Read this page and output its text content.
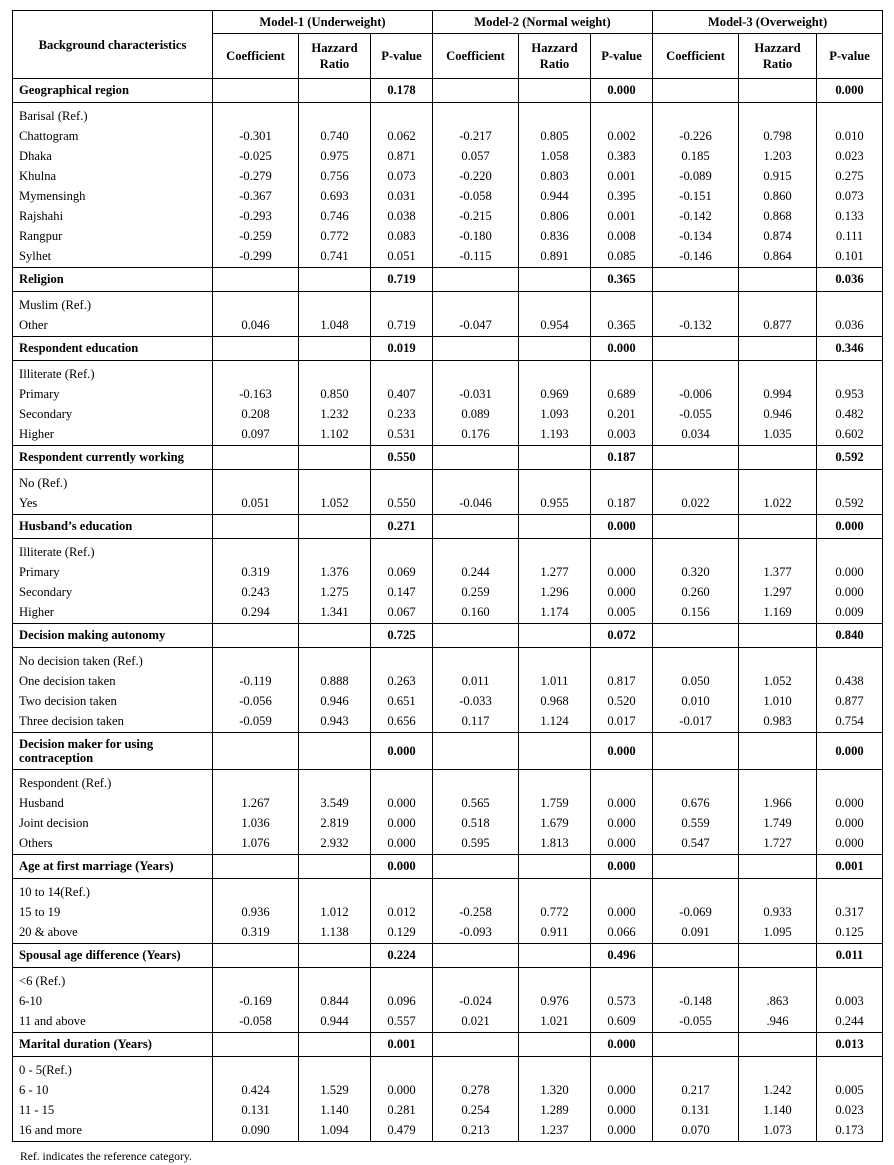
Background characteristics	Model-1 (Underweight)			Model-2 (Normal weight)			Model-3 (Overweight)		
	Coefficient	Hazzard Ratio	P-value	Coefficient	Hazzard Ratio	P-value	Coefficient	Hazzard Ratio	P-value
Geographical region			0.178			0.000			0.000
Barisal (Ref.)									
Chattogram	-0.301	0.740	0.062	-0.217	0.805	0.002	-0.226	0.798	0.010
Dhaka	-0.025	0.975	0.871	0.057	1.058	0.383	0.185	1.203	0.023
Khulna	-0.279	0.756	0.073	-0.220	0.803	0.001	-0.089	0.915	0.275
Mymensingh	-0.367	0.693	0.031	-0.058	0.944	0.395	-0.151	0.860	0.073
Rajshahi	-0.293	0.746	0.038	-0.215	0.806	0.001	-0.142	0.868	0.133
Rangpur	-0.259	0.772	0.083	-0.180	0.836	0.008	-0.134	0.874	0.111
Sylhet	-0.299	0.741	0.051	-0.115	0.891	0.085	-0.146	0.864	0.101
Religion			0.719			0.365			0.036
Muslim (Ref.)									
Other	0.046	1.048	0.719	-0.047	0.954	0.365	-0.132	0.877	0.036
Respondent education			0.019			0.000			0.346
Illiterate (Ref.)									
Primary	-0.163	0.850	0.407	-0.031	0.969	0.689	-0.006	0.994	0.953
Secondary	0.208	1.232	0.233	0.089	1.093	0.201	-0.055	0.946	0.482
Higher	0.097	1.102	0.531	0.176	1.193	0.003	0.034	1.035	0.602
Respondent currently working			0.550			0.187			0.592
No (Ref.)									
Yes	0.051	1.052	0.550	-0.046	0.955	0.187	0.022	1.022	0.592
Husband’s education			0.271			0.000			0.000
Illiterate (Ref.)									
Primary	0.319	1.376	0.069	0.244	1.277	0.000	0.320	1.377	0.000
Secondary	0.243	1.275	0.147	0.259	1.296	0.000	0.260	1.297	0.000
Higher	0.294	1.341	0.067	0.160	1.174	0.005	0.156	1.169	0.009
Decision making autonomy			0.725			0.072			0.840
No decision taken (Ref.)									
One decision taken	-0.119	0.888	0.263	0.011	1.011	0.817	0.050	1.052	0.438
Two decision taken	-0.056	0.946	0.651	-0.033	0.968	0.520	0.010	1.010	0.877
Three decision taken	-0.059	0.943	0.656	0.117	1.124	0.017	-0.017	0.983	0.754
Decision maker for using contraception			0.000			0.000			0.000
Respondent (Ref.)									
Husband	1.267	3.549	0.000	0.565	1.759	0.000	0.676	1.966	0.000
Joint decision	1.036	2.819	0.000	0.518	1.679	0.000	0.559	1.749	0.000
Others	1.076	2.932	0.000	0.595	1.813	0.000	0.547	1.727	0.000
Age at first marriage (Years)			0.000			0.000			0.001
10 to 14(Ref.)									
15 to 19	0.936	1.012	0.012	-0.258	0.772	0.000	-0.069	0.933	0.317
20 & above	0.319	1.138	0.129	-0.093	0.911	0.066	0.091	1.095	0.125
Spousal age difference (Years)			0.224			0.496			0.011
<6 (Ref.)									
6-10	-0.169	0.844	0.096	-0.024	0.976	0.573	-0.148	.863	0.003
11 and above	-0.058	0.944	0.557	0.021	1.021	0.609	-0.055	.946	0.244
Marital duration (Years)			0.001			0.000			0.013
0 - 5(Ref.)									
6 - 10	0.424	1.529	0.000	0.278	1.320	0.000	0.217	1.242	0.005
11 - 15	0.131	1.140	0.281	0.254	1.289	0.000	0.131	1.140	0.023
16 and more	0.090	1.094	0.479	0.213	1.237	0.000	0.070	1.073	0.173
Ref. indicates the reference category.
